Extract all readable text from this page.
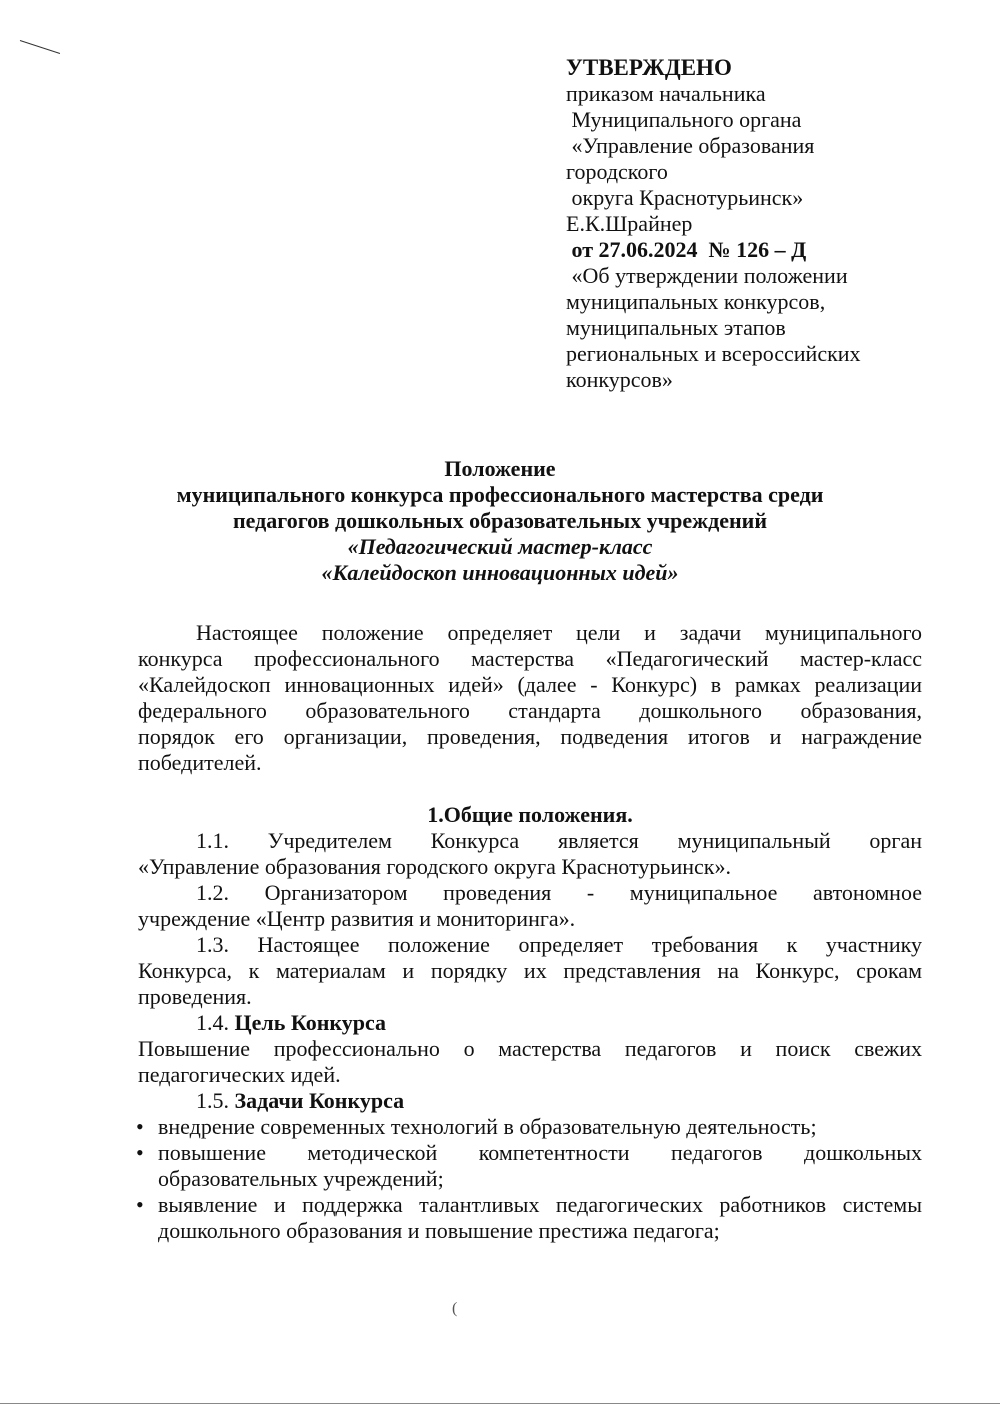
УТВЕРЖДЕНО
приказом начальника
Муниципального органа
«Управление образования
городского
округа Краснотурьинск»
Е.К.Шрайнер
от 27.06.2024  № 126 – Д
«Об утверждении положении
муниципальных конкурсов,
муниципальных этапов
региональных и всероссийских
конкурсов»
Положение
муниципального конкурса профессионального мастерства среди
педагогов дошкольных образовательных учреждений
«Педагогический мастер-класс
«Калейдоскоп инновационных идей»

Настоящее положение определяет цели и задачи муниципального

конкурса профессионального мастерства «Педагогический мастер-класс

«Калейдоскоп инновационных идей» (далее - Конкурс) в рамках реализации

федерального образовательного стандарта дошкольного образования,

порядок его организации, проведения, подведения итогов и награждение

победителей.

1.Общие положения.

1.1. Учредителем Конкурса является муниципальный орган

«Управление образования городского округа Краснотурьинск».

1.2. Организатором проведения - муниципальное автономное

учреждение «Центр развития и мониторинга».

1.3. Настоящее положение определяет требования к участнику

Конкурса, к материалам и порядку их представления на Конкурс, срокам

проведения.

1.4. Цель Конкурса

Повышение профессионально о мастерства педагогов и поиск свежих

педагогических идей.

1.5. Задачи Конкурса

• внедрение современных технологий в образовательную деятельность;

• повышение методической компетентности педагогов дошкольных

образовательных учреждений;

• выявление и поддержка талантливых педагогических работников системы

дошкольного образования и повышение престижа педагога;

(
